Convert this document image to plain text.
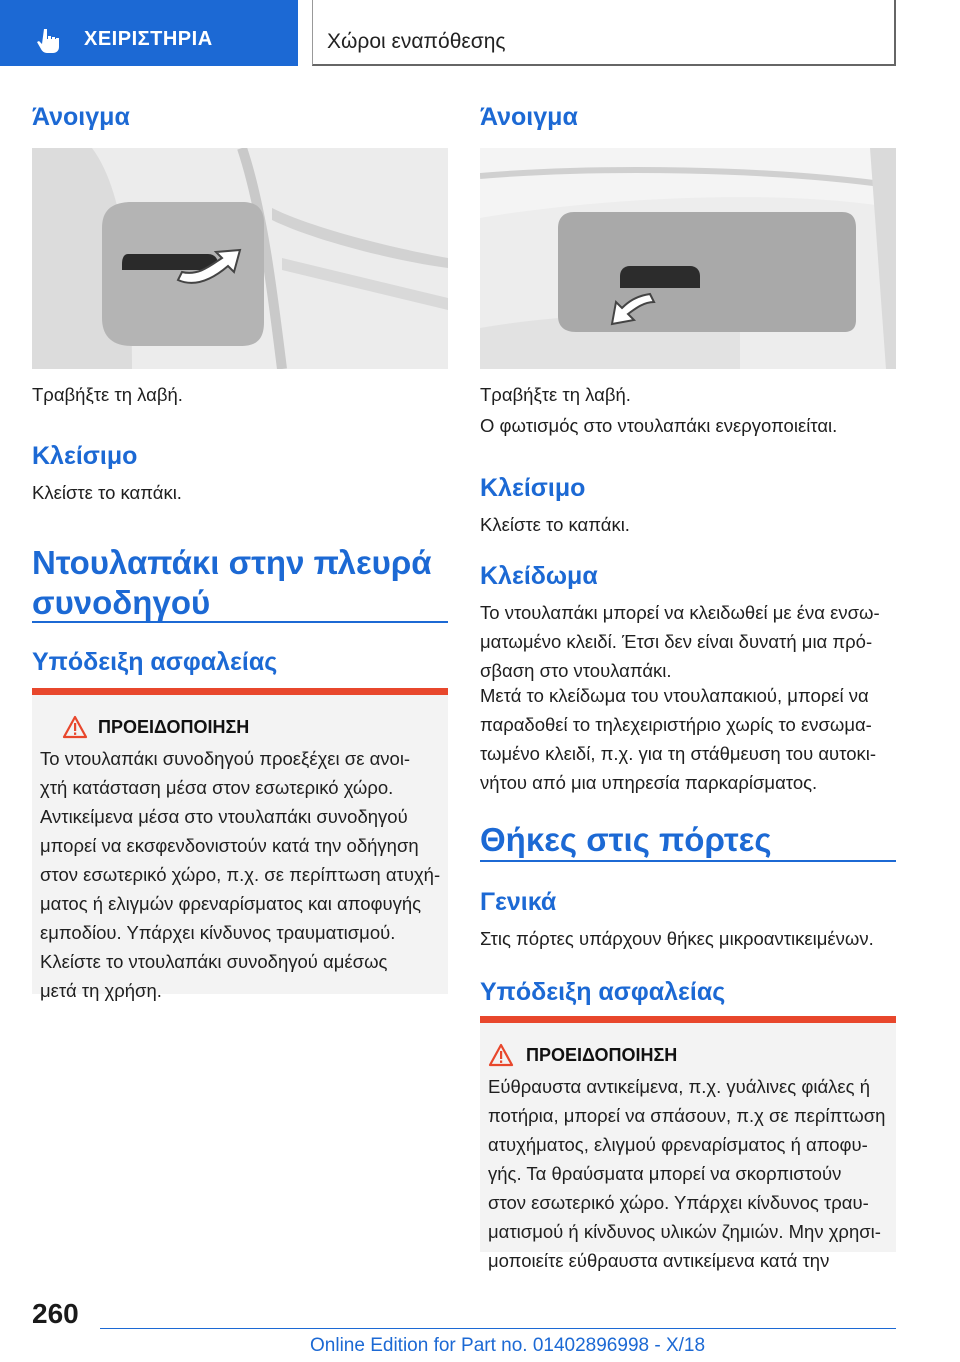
ΧΕΙΡΙΣΤΗΡΙΑ	Χώροι εναπόθεσης
Άνοιγμα
Τραβήξτε τη λαβή.
Κλείσιμο
Κλείστε το καπάκι.
Ντουλαπάκι στην πλευρά
συνοδηγού
Υπόδειξη ασφαλείας
ΠΡΟΕΙΔΟΠΟΙΗΣΗ
Το ντουλαπάκι συνοδηγού προεξέχει σε ανοι-
χτή κατάσταση μέσα στον εσωτερικό χώρο.
Αντικείμενα μέσα στο ντουλαπάκι συνοδηγού
μπορεί να εκσφενδονιστούν κατά την οδήγηση
στον εσωτερικό χώρο, π.χ. σε περίπτωση ατυχή-
ματος ή ελιγμών φρεναρίσματος και αποφυγής
εμποδίου. Υπάρχει κίνδυνος τραυματισμού.
Κλείστε το ντουλαπάκι συνοδηγού αμέσως
μετά τη χρήση.
Άνοιγμα
Τραβήξτε τη λαβή.
Ο φωτισμός στο ντουλαπάκι ενεργοποιείται.
Κλείσιμο
Κλείστε το καπάκι.
Κλείδωμα
Το ντουλαπάκι μπορεί να κλειδωθεί με ένα ενσω-
ματωμένο κλειδί. Έτσι δεν είναι δυνατή μια πρό-
σβαση στο ντουλαπάκι.
Μετά το κλείδωμα του ντουλαπακιού, μπορεί να
παραδοθεί το τηλεχειριστήριο χωρίς το ενσωμα-
τωμένο κλειδί, π.χ. για τη στάθμευση του αυτοκι-
νήτου από μια υπηρεσία παρκαρίσματος.
Θήκες στις πόρτες
Γενικά
Στις πόρτες υπάρχουν θήκες μικροαντικειμένων.
Υπόδειξη ασφαλείας
ΠΡΟΕΙΔΟΠΟΙΗΣΗ
Εύθραυστα αντικείμενα, π.χ. γυάλινες φιάλες ή
ποτήρια, μπορεί να σπάσουν, π.χ σε περίπτωση
ατυχήματος, ελιγμού φρεναρίσματος ή αποφυ-
γής. Τα θραύσματα μπορεί να σκορπιστούν
στον εσωτερικό χώρο. Υπάρχει κίνδυνος τραυ-
ματισμού ή κίνδυνος υλικών ζημιών. Μην χρησι-
μοποιείτε εύθραυστα αντικείμενα κατά την
260
Online Edition for Part no. 01402896998 - X/18
